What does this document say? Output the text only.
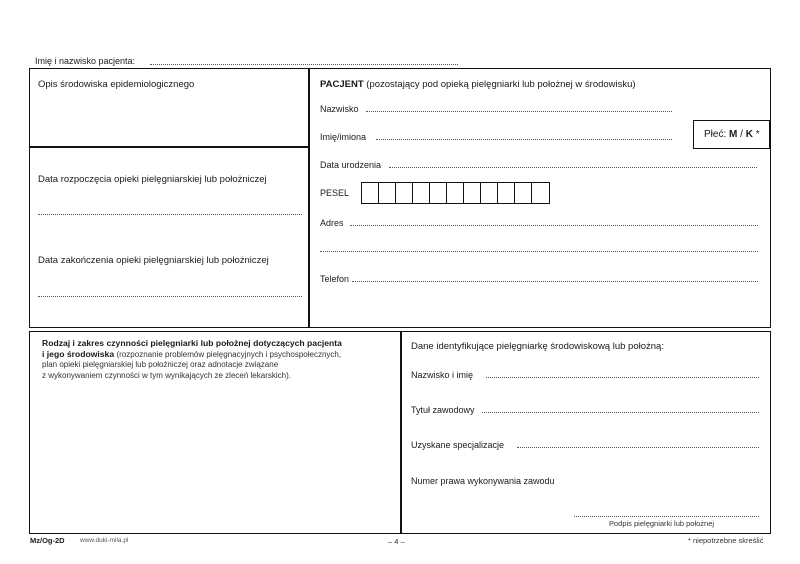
Imię i nazwisko pacjenta:
Opis środowiska epidemiologicznego
Data rozpoczęcia opieki pielęgniarskiej lub położniczej
Data zakończenia opieki pielęgniarskiej lub położniczej
PACJENT (pozostający pod opieką pielęgniarki lub położnej w środowisku)
Nazwisko
Imię/imiona	Płeć: M / K *
Data urodzenia
PESEL
Adres
Telefon
Rodzaj i zakres czynności pielęgniarki lub położnej dotyczących pacjenta
i jego środowiska (rozpoznanie problemów pielęgnacyjnych i psychospołecznych,
plan opieki pielęgniarskiej lub położniczej oraz adnotacje związane
z wykonywaniem czynności w tym wynikających ze zleceń lekarskich).
Dane identyfikujące pielęgniarkę środowiskową lub położną:
Nazwisko i imię
Tytuł zawodowy
Uzyskane specjalizacje
Numer prawa wykonywania zawodu
Podpis pielęgniarki lub położnej
Mz/Og-2D www.duki-mila.pl	– 4 –	* niepotrzebne skreślić
